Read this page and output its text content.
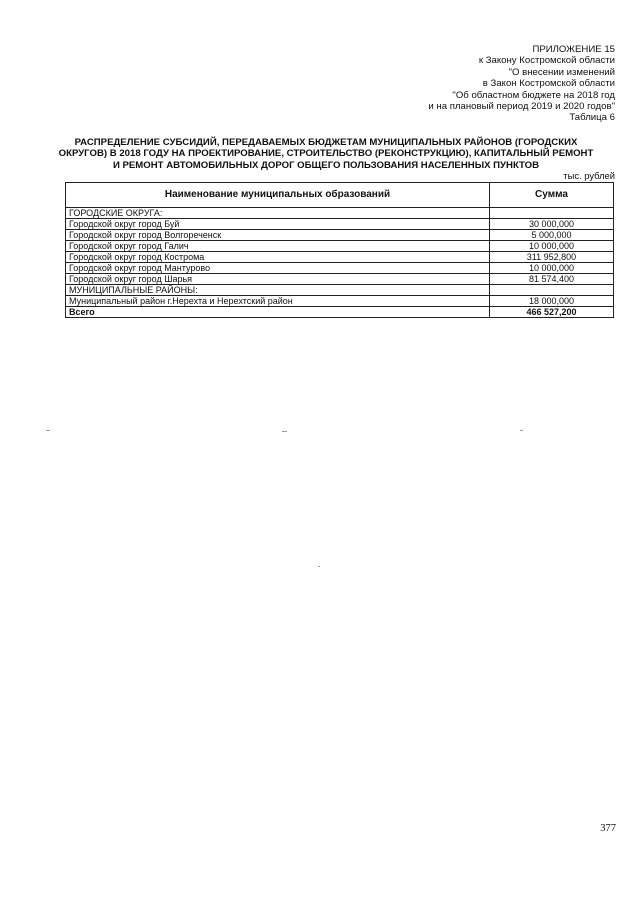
ПРИЛОЖЕНИЕ 15
к Закону Костромской области
"О внесении изменений
в Закон Костромской области
"Об областном бюджете на 2018 год
и на плановый период 2019 и 2020 годов"
Таблица 6
РАСПРЕДЕЛЕНИЕ СУБСИДИЙ, ПЕРЕДАВАЕМЫХ БЮДЖЕТАМ МУНИЦИПАЛЬНЫХ РАЙОНОВ (ГОРОДСКИХ
ОКРУГОВ) В 2018 ГОДУ НА ПРОЕКТИРОВАНИЕ, СТРОИТЕЛЬСТВО (РЕКОНСТРУКЦИЮ), КАПИТАЛЬНЫЙ РЕМОНТ
И РЕМОНТ АВТОМОБИЛЬНЫХ ДОРОГ ОБЩЕГО ПОЛЬЗОВАНИЯ НАСЕЛЕННЫХ ПУНКТОВ
тыс. рублей
Наименование муниципальных образований	Сумма
ГОРОДСКИЕ ОКРУГА:	
Городской округ город Буй	30 000,000
Городской округ город Волгореченск	5 000,000
Городской округ город Галич	10 000,000
Городской округ город Кострома	311 952,800
Городской округ город Мантурово	10 000,000
Городской округ город Шарья	81 574,400
МУНИЦИПАЛЬНЫЕ РАЙОНЫ:	
Муниципальный район г.Нерехта и Нерехтский район	18 000,000
Всего	466 527,200
377
